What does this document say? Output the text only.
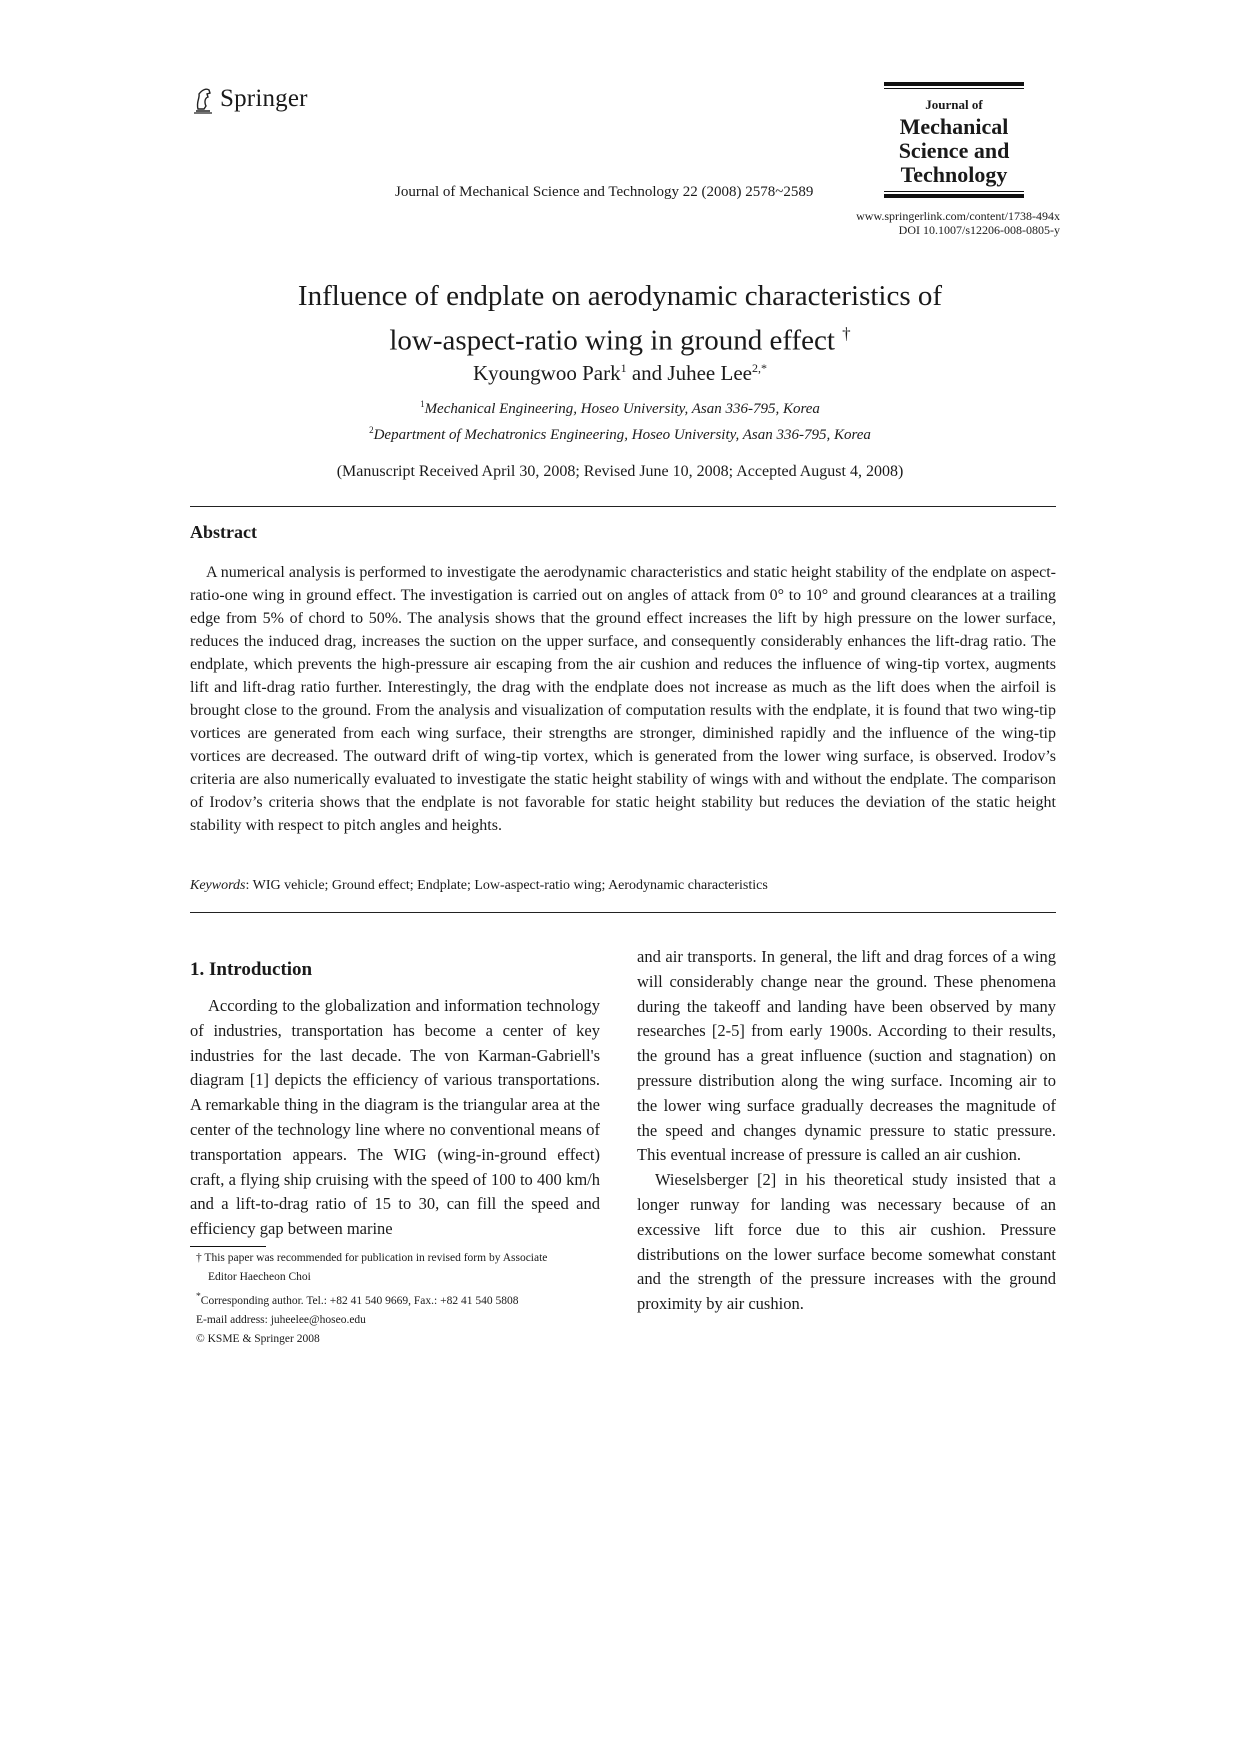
Springer	Journal of
Mechanical
Science and
Technology
Journal of Mechanical Science and Technology 22 (2008) 2578~2589
www.springerlink.com/content/1738-494x
DOI 10.1007/s12206-008-0805-y
Influence of endplate on aerodynamic characteristics of
low-aspect-ratio wing in ground effect †
Kyoungwoo Park$^1$ and Juhee Lee$^{2,*}$
$^1$Mechanical Engineering, Hoseo University, Asan 336-795, Korea
$^2$Department of Mechatronics Engineering, Hoseo University, Asan 336-795, Korea
(Manuscript Received April 30, 2008; Revised June 10, 2008; Accepted August 4, 2008)
Abstract
A numerical analysis is performed to investigate the aerodynamic characteristics and static height stability of the endplate on aspect-ratio-one wing in ground effect. The investigation is carried out on angles of attack from 0° to 10° and ground clearances at a trailing edge from 5% of chord to 50%. The analysis shows that the ground effect increases the lift by high pressure on the lower surface, reduces the induced drag, increases the suction on the upper surface, and consequently considerably enhances the lift-drag ratio. The endplate, which prevents the high-pressure air escaping from the air cushion and reduces the influence of wing-tip vortex, augments lift and lift-drag ratio further. Interestingly, the drag with the endplate does not increase as much as the lift does when the airfoil is brought close to the ground. From the analysis and visualization of computation results with the endplate, it is found that two wing-tip vortices are generated from each wing surface, their strengths are stronger, diminished rapidly and the influence of the wing-tip vortices are decreased. The outward drift of wing-tip vortex, which is generated from the lower wing surface, is observed. Irodov’s criteria are also numerically evaluated to investigate the static height stability of wings with and without the endplate. The comparison of Irodov’s criteria shows that the endplate is not favorable for static height stability but reduces the deviation of the static height stability with respect to pitch angles and heights.
Keywords: WIG vehicle; Ground effect; Endplate; Low-aspect-ratio wing; Aerodynamic characteristics
1. Introduction

According to the globalization and information technology of industries, transportation has become a center of key industries for the last decade. The von Karman-Gabriell's diagram [1] depicts the efficiency of various transportations. A remarkable thing in the diagram is the triangular area at the center of the technology line where no conventional means of transportation appears. The WIG (wing-in-ground effect) craft, a flying ship cruising with the speed of 100 to 400 km/h and a lift-to-drag ratio of 15 to 30, can fill the speed and efficiency gap between marine

† This paper was recommended for publication in revised form by Associate
Editor Haecheon Choi
*Corresponding author. Tel.: +82 41 540 9669, Fax.: +82 41 540 5808
E-mail address: juheelee@hoseo.edu
© KSME & Springer 2008

and air transports. In general, the lift and drag forces of a wing will considerably change near the ground. These phenomena during the takeoff and landing have been observed by many researches [2-5] from early 1900s. According to their results, the ground has a great influence (suction and stagnation) on pressure distribution along the wing surface. Incoming air to the lower wing surface gradually decreases the magnitude of the speed and changes dynamic pressure to static pressure. This eventual increase of pressure is called an air cushion.

Wieselsberger [2] in his theoretical study insisted that a longer runway for landing was necessary because of an excessive lift force due to this air cushion. Pressure distributions on the lower surface become somewhat constant and the strength of the pressure increases with the ground proximity by air cushion.
